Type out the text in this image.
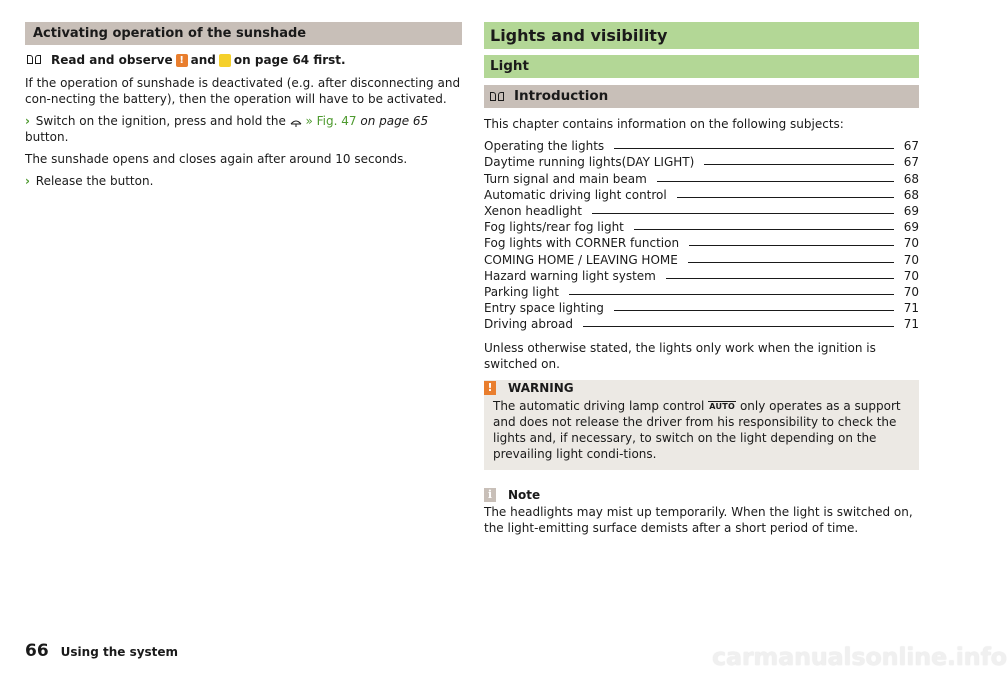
Activating operation of the sunshade
Read and observe ! and on page 64 first.

If the operation of sunshade is deactivated (e.g. after disconnecting and con-necting the battery), then the operation will have to be activated.

› Switch on the ignition, press and hold the » Fig. 47 on page 65 button.

The sunshade opens and closes again after around 10 seconds.

› Release the button.

Lights and visibility
Light
Introduction

This chapter contains information on the following subjects:

Operating the lights	67
Daytime running lights(DAY LIGHT)	67
Turn signal and main beam	68
Automatic driving light control	68
Xenon headlight	69
Fog lights/rear fog light	69
Fog lights with CORNER function	70
COMING HOME / LEAVING HOME	70
Hazard warning light system	70
Parking light	70
Entry space lighting	71
Driving abroad	71

Unless otherwise stated, the lights only work when the ignition is switched on.

! WARNING
The automatic driving lamp control AUTO only operates as a support and does not release the driver from his responsibility to check the lights and, if necessary, to switch on the light depending on the prevailing light condi-tions.
i	Note

The headlights may mist up temporarily. When the light is switched on, the light-emitting surface demists after a short period of time.

66 Using the system	carmanualsonline.info
